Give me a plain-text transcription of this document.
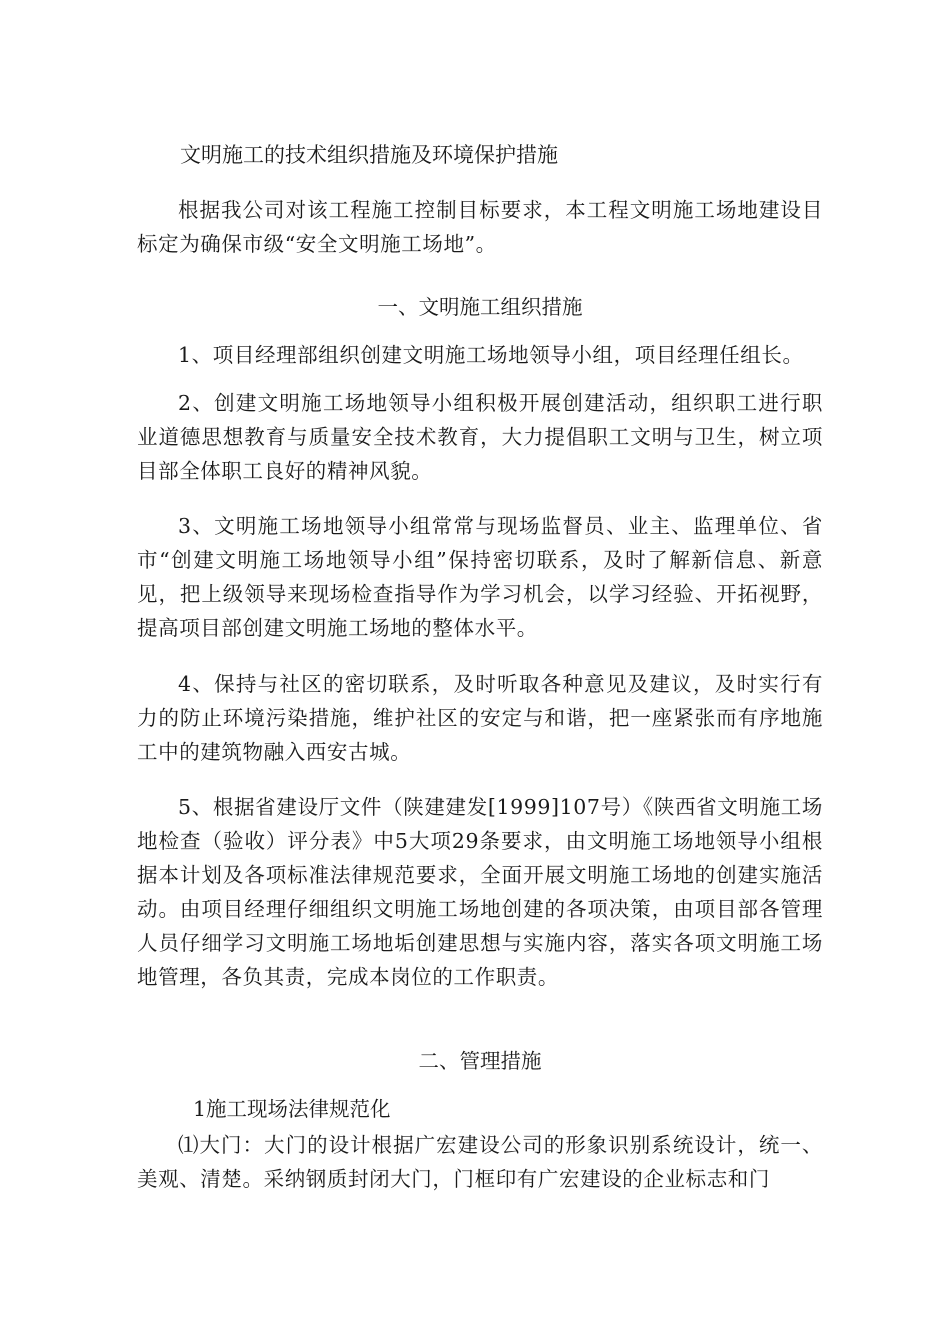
文明施工的技术组织措施及环境保护措施

根据我公司对该工程施工控制目标要求，本工程文明施工场地建设目标定为确保市级“安全文明施工场地”。

一、文明施工组织措施

1、项目经理部组织创建文明施工场地领导小组，项目经理任组长。

2、创建文明施工场地领导小组积极开展创建活动，组织职工进行职业道德思想教育与质量安全技术教育，大力提倡职工文明与卫生，树立项目部全体职工良好的精神风貌。

3、文明施工场地领导小组常常与现场监督员、业主、监理单位、省市“创建文明施工场地领导小组”保持密切联系，及时了解新信息、新意见，把上级领导来现场检查指导作为学习机会，以学习经验、开拓视野，提高项目部创建文明施工场地的整体水平。

4、保持与社区的密切联系，及时听取各种意见及建议，及时实行有力的防止环境污染措施，维护社区的安定与和谐，把一座紧张而有序地施工中的建筑物融入西安古城。

5、根据省建设厅文件（陕建建发[1999]107号）《陕西省文明施工场地检查（验收）评分表》中5大项29条要求，由文明施工场地领导小组根据本计划及各项标准法律规范要求，全面开展文明施工场地的创建实施活动。由项目经理仔细组织文明施工场地创建的各项决策，由项目部各管理人员仔细学习文明施工场地垢创建思想与实施内容，落实各项文明施工场地管理，各负其责，完成本岗位的工作职责。

二、管理措施

1施工现场法律规范化

⑴大门：大门的设计根据广宏建设公司的形象识别系统设计，统一、美观、清楚。采纳钢质封闭大门，门框印有广宏建设的企业标志和门
